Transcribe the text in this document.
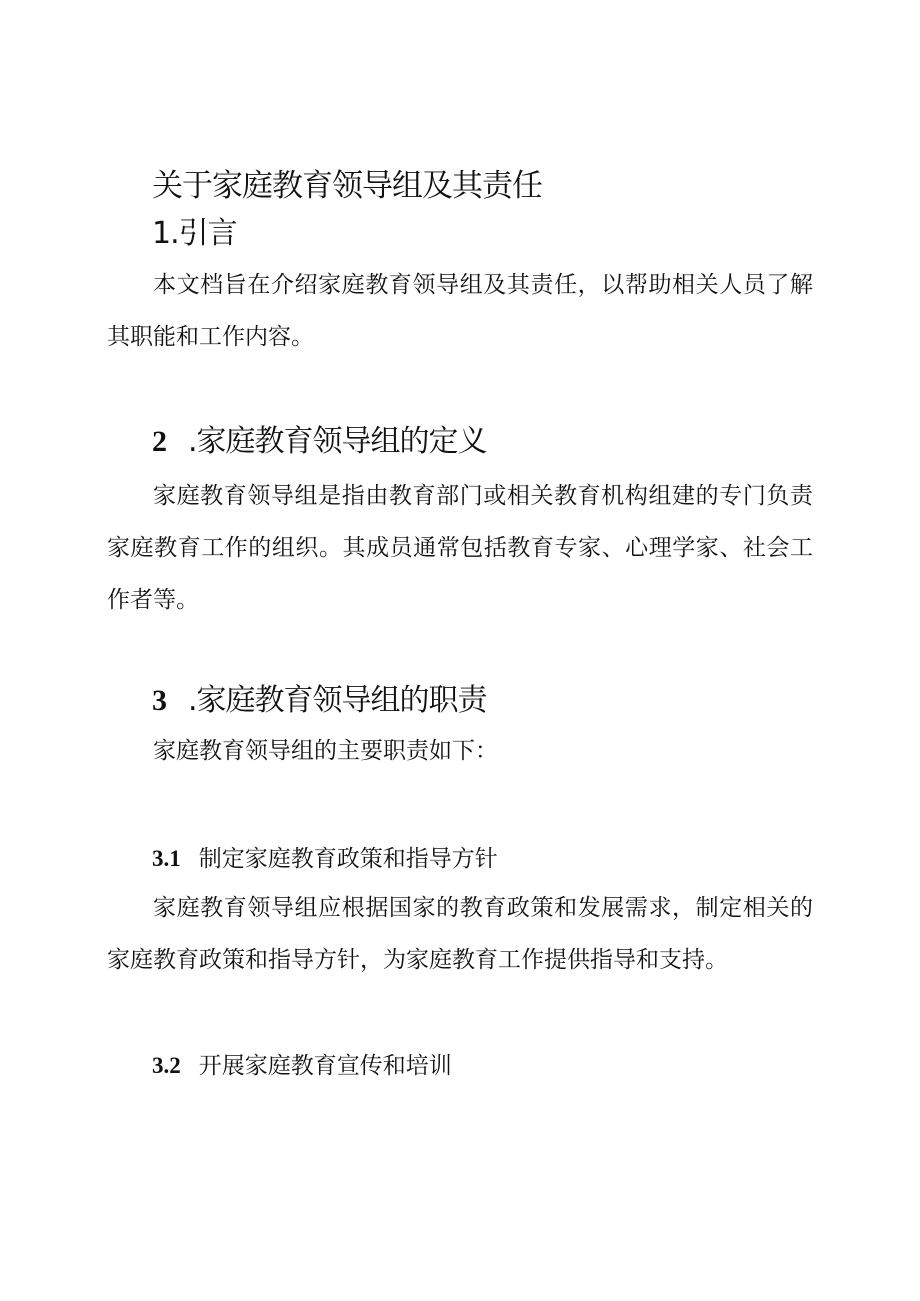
关于家庭教育领导组及其责任
1.引言

本文档旨在介绍家庭教育领导组及其责任，以帮助相关人员了解其职能和工作内容。

2 .家庭教育领导组的定义

家庭教育领导组是指由教育部门或相关教育机构组建的专门负责家庭教育工作的组织。其成员通常包括教育专家、心理学家、社会工作者等。

3 .家庭教育领导组的职责

家庭教育领导组的主要职责如下：

3.1 制定家庭教育政策和指导方针

家庭教育领导组应根据国家的教育政策和发展需求，制定相关的家庭教育政策和指导方针，为家庭教育工作提供指导和支持。

3.2 开展家庭教育宣传和培训
